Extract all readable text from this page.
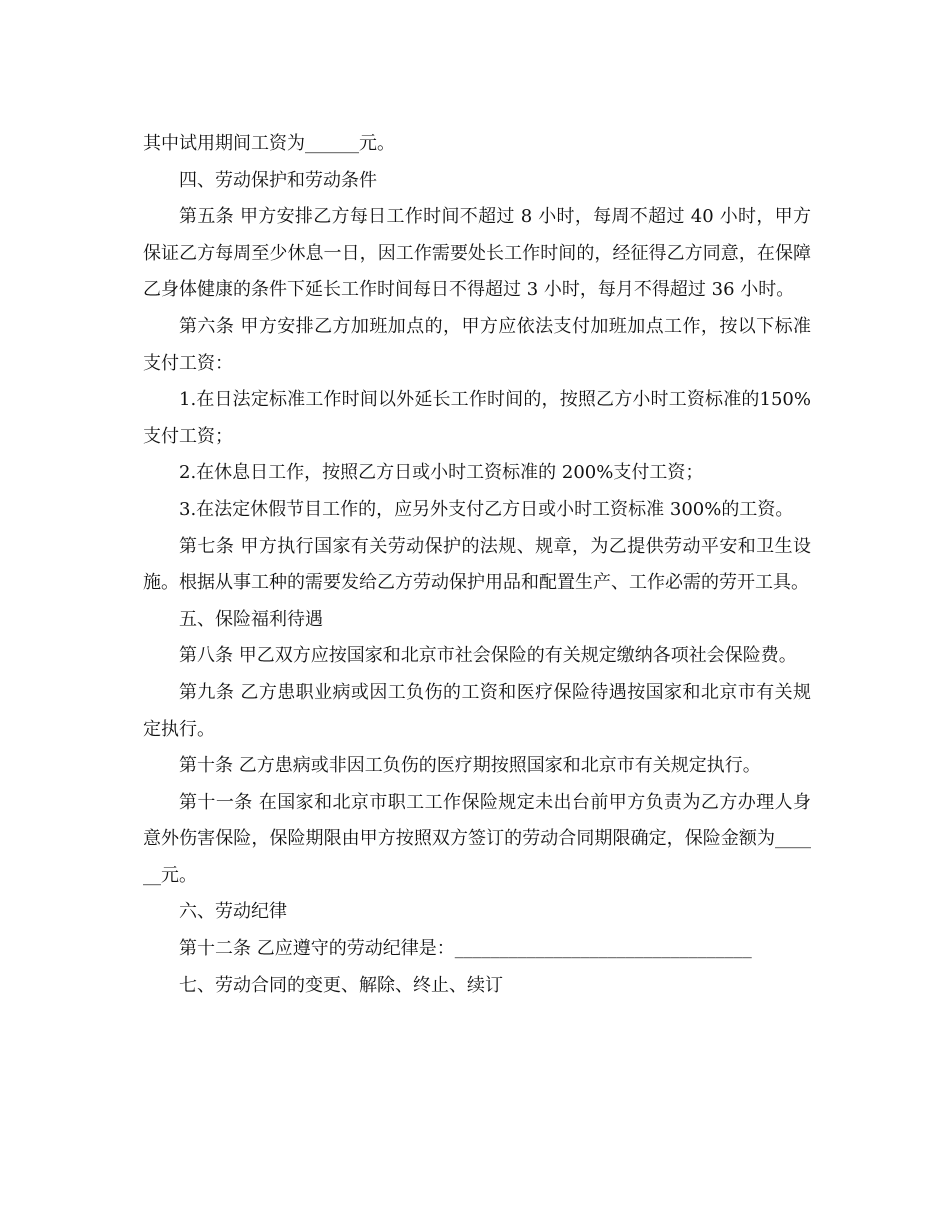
其中试用期间工资为______元。

四、劳动保护和劳动条件

第五条 甲方安排乙方每日工作时间不超过 8 小时，每周不超过 40 小时，甲方保证乙方每周至少休息一日，因工作需要处长工作时间的，经征得乙方同意，在保障乙身体健康的条件下延长工作时间每日不得超过 3 小时，每月不得超过 36 小时。

第六条 甲方安排乙方加班加点的，甲方应依法支付加班加点工作，按以下标准支付工资：

1.在日法定标准工作时间以外延长工作时间的，按照乙方小时工资标准的150%支付工资；

2.在休息日工作，按照乙方日或小时工资标准的 200%支付工资；

3.在法定休假节目工作的，应另外支付乙方日或小时工资标准 300%的工资。

第七条 甲方执行国家有关劳动保护的法规、规章，为乙提供劳动平安和卫生设施。根据从事工种的需要发给乙方劳动保护用品和配置生产、工作必需的劳开工具。

五、保险福利待遇

第八条 甲乙双方应按国家和北京市社会保险的有关规定缴纳各项社会保险费。

第九条 乙方患职业病或因工负伤的工资和医疗保险待遇按国家和北京市有关规定执行。

第十条 乙方患病或非因工负伤的医疗期按照国家和北京市有关规定执行。

第十一条 在国家和北京市职工工作保险规定未出台前甲方负责为乙方办理人身意外伤害保险，保险期限由甲方按照双方签订的劳动合同期限确定，保险金额为______元。

六、劳动纪律

第十二条 乙应遵守的劳动纪律是：_________________________________

七、劳动合同的变更、解除、终止、续订
